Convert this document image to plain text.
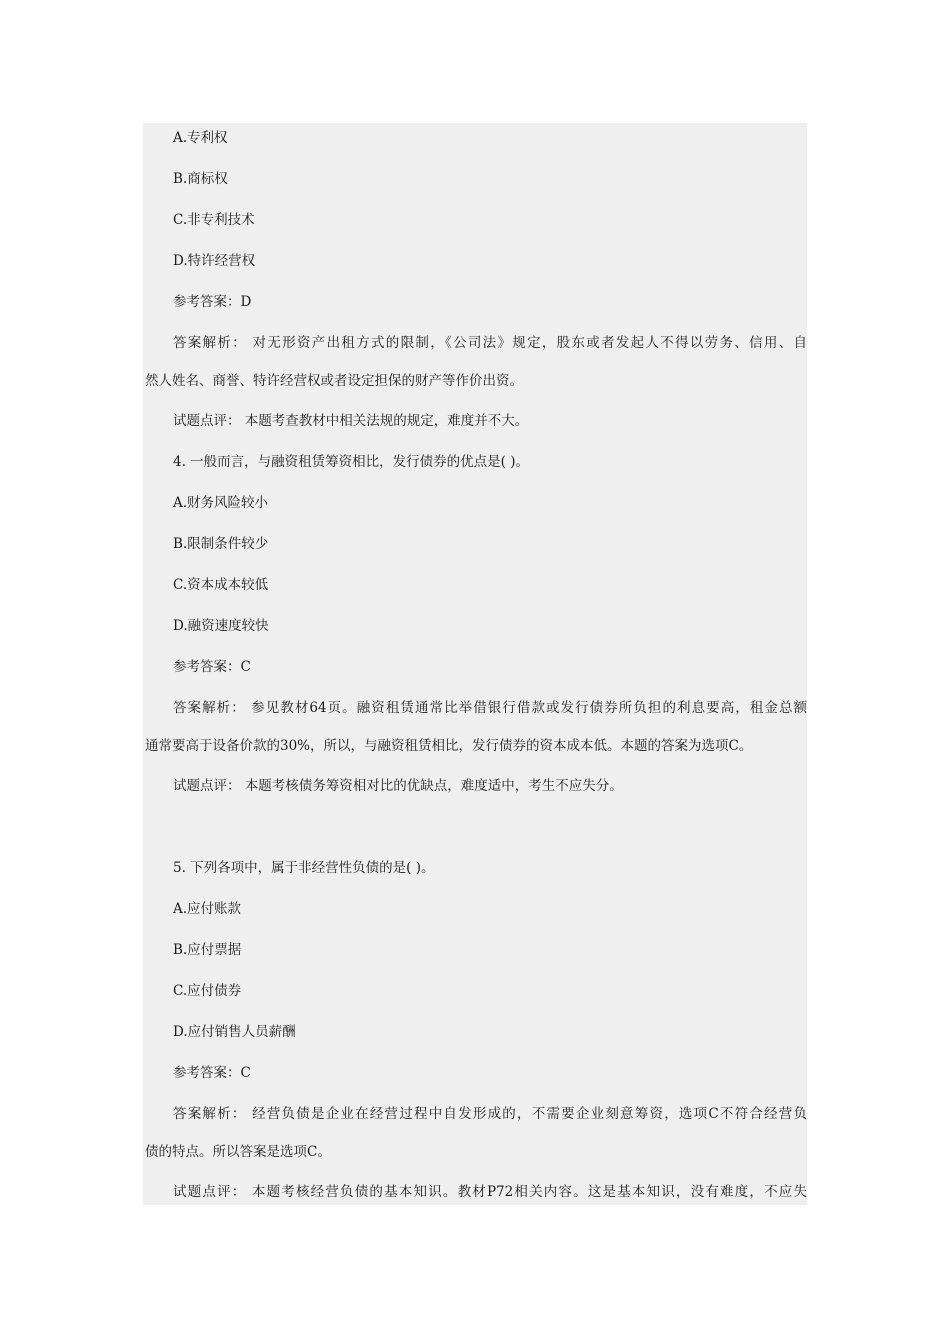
A.专利权
B.商标权
C.非专利技术
D.特许经营权
参考答案：D
答案解析： 对无形资产出租方式的限制，《公司法》规定，股东或者发起人不得以劳务、信用、自
然人姓名、商誉、特许经营权或者设定担保的财产等作价出资。
试题点评： 本题考查教材中相关法规的规定，难度并不大。
4. 一般而言，与融资租赁筹资相比，发行债券的优点是( )。
A.财务风险较小
B.限制条件较少
C.资本成本较低
D.融资速度较快
参考答案：C
答案解析： 参见教材64页。融资租赁通常比举借银行借款或发行债券所负担的利息要高，租金总额
通常要高于设备价款的30%，所以，与融资租赁相比，发行债券的资本成本低。本题的答案为选项C。
试题点评： 本题考核债务筹资相对比的优缺点，难度适中，考生不应失分。
5. 下列各项中，属于非经营性负债的是( )。
A.应付账款
B.应付票据
C.应付债券
D.应付销售人员薪酬
参考答案：C
答案解析： 经营负债是企业在经营过程中自发形成的，不需要企业刻意筹资，选项C不符合经营负
债的特点。所以答案是选项C。
试题点评： 本题考核经营负债的基本知识。教材P72相关内容。这是基本知识，没有难度，不应失
